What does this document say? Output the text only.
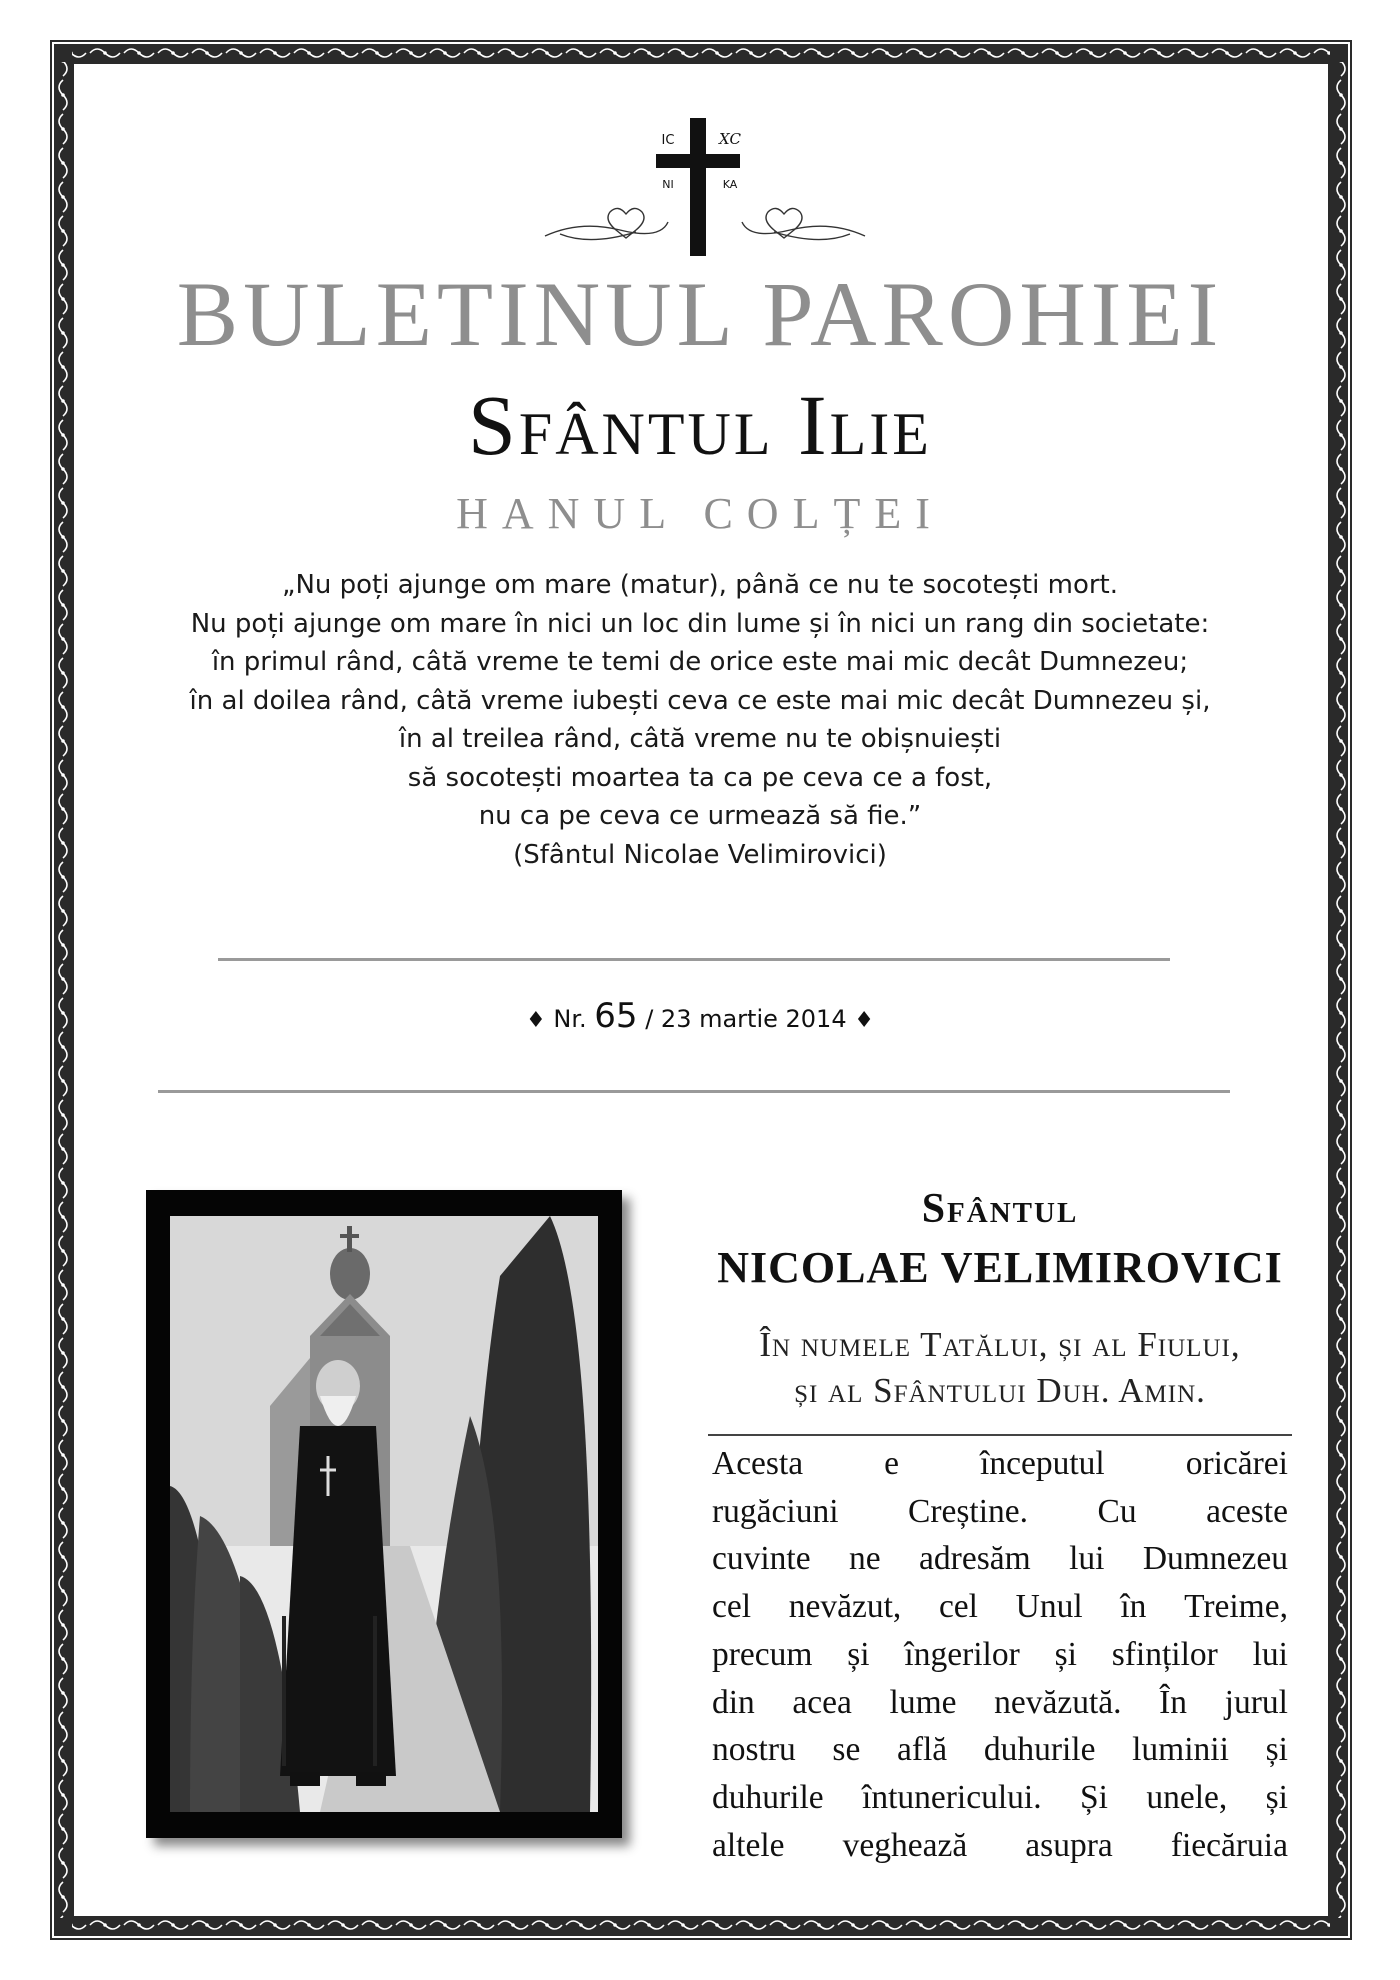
IC	XC
NI	KA
BULETINUL PAROHIEI
Sfântul Ilie
HANUL COLȚEI
„Nu poți ajunge om mare (matur), până ce nu te socotești mort.
Nu poți ajunge om mare în nici un loc din lume și în nici un rang din societate:
în primul rând, câtă vreme te temi de orice este mai mic decât Dumnezeu;
în al doilea rând, câtă vreme iubești ceva ce este mai mic decât Dumnezeu și,
în al treilea rând, câtă vreme nu te obișnuiești
să socotești moartea ta ca pe ceva ce a fost,
nu ca pe ceva ce urmează să fie.”
(Sfântul Nicolae Velimirovici)
♦ Nr. 65 / 23 martie 2014 ♦
Sfântul
NICOLAE VELIMIROVICI
În numele Tatălui, și al Fiului,
și al Sfântului Duh. Amin.
Acesta e începutul oricărei
rugăciuni Creștine. Cu aceste
cuvinte ne adresăm lui Dumnezeu
cel nevăzut, cel Unul în Treime,
precum și îngerilor și sfinților lui
din acea lume nevăzută. În jurul
nostru se află duhurile luminii și
duhurile întunericului. Și unele, și
altele veghează asupra fiecăruia
